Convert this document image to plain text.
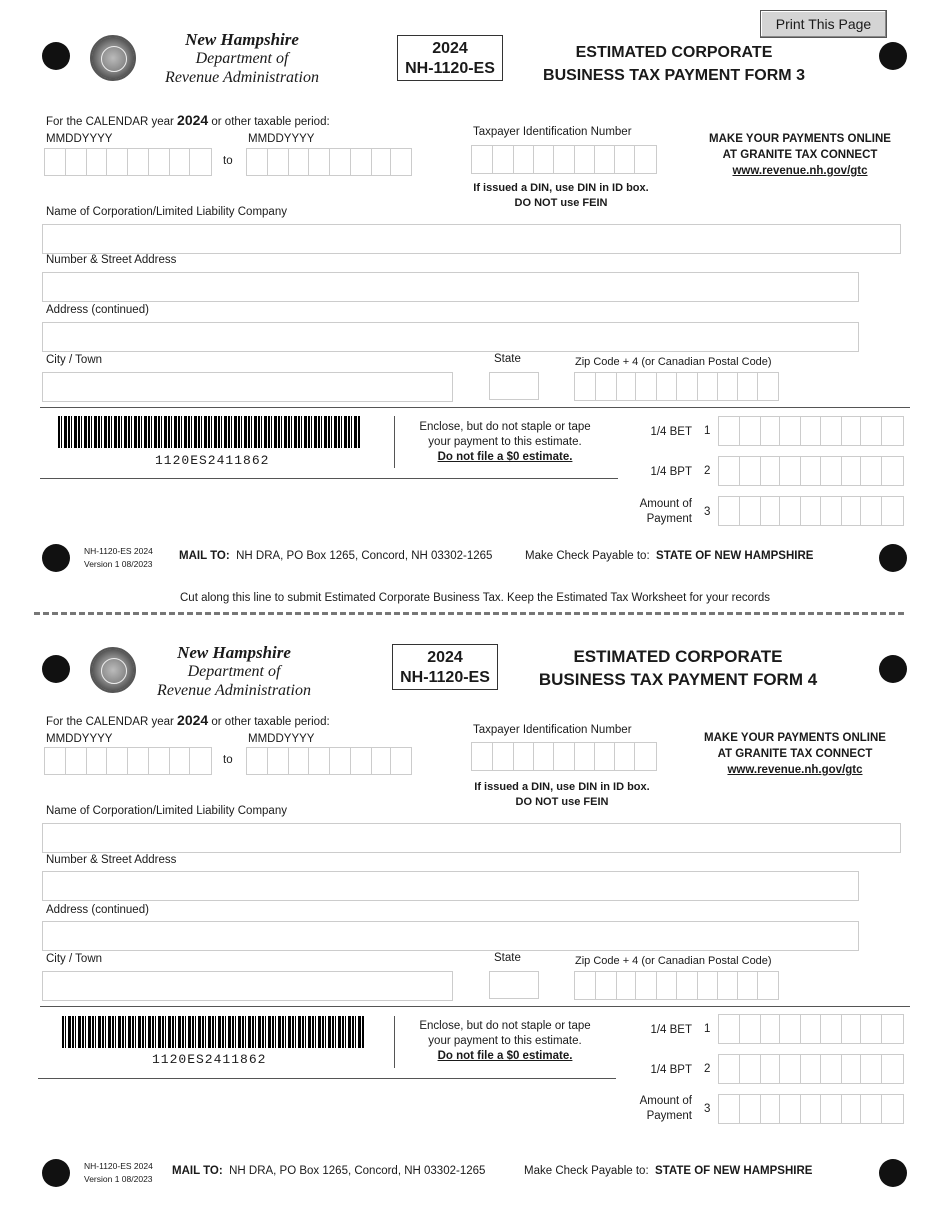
Print This Page
New Hampshire
Department of
Revenue Administration
2024
NH-1120-ES
ESTIMATED CORPORATE
BUSINESS TAX PAYMENT FORM 3
For the CALENDAR year 2024 or other taxable period:
MMDDYYYY	MMDDYYYY
to
Taxpayer Identification Number
If issued a DIN, use DIN in ID box.
DO NOT use FEIN
MAKE YOUR PAYMENTS ONLINE
AT GRANITE TAX CONNECT
www.revenue.nh.gov/gtc
Name of Corporation/Limited Liability Company
Number & Street Address
Address (continued)
City / Town	State	Zip Code + 4 (or Canadian Postal Code)
1120ES2411862
Enclose, but do not staple or tape
your payment to this estimate.
Do not file a $0 estimate.
1/4 BET 1
1/4 BPT 2
Amount of
Payment
3
NH-1120-ES 2024
Version 1 08/2023
MAIL TO: NH DRA, PO Box 1265, Concord, NH 03302-1265	Make Check Payable to: STATE OF NEW HAMPSHIRE
Cut along this line to submit Estimated Corporate Business Tax. Keep the Estimated Tax Worksheet for your records
New Hampshire
Department of
Revenue Administration
2024
NH-1120-ES
ESTIMATED CORPORATE
BUSINESS TAX PAYMENT FORM 4
For the CALENDAR year 2024 or other taxable period:
MMDDYYYY	MMDDYYYY
to
Taxpayer Identification Number
If issued a DIN, use DIN in ID box.
DO NOT use FEIN
MAKE YOUR PAYMENTS ONLINE
AT GRANITE TAX CONNECT
www.revenue.nh.gov/gtc
Name of Corporation/Limited Liability Company
Number & Street Address
Address (continued)
City / Town	State	Zip Code + 4 (or Canadian Postal Code)
1120ES2411862
Enclose, but do not staple or tape
your payment to this estimate.
Do not file a $0 estimate.
1/4 BET 1
1/4 BPT 2
Amount of
Payment
3
NH-1120-ES 2024
Version 1 08/2023
MAIL TO: NH DRA, PO Box 1265, Concord, NH 03302-1265	Make Check Payable to: STATE OF NEW HAMPSHIRE
